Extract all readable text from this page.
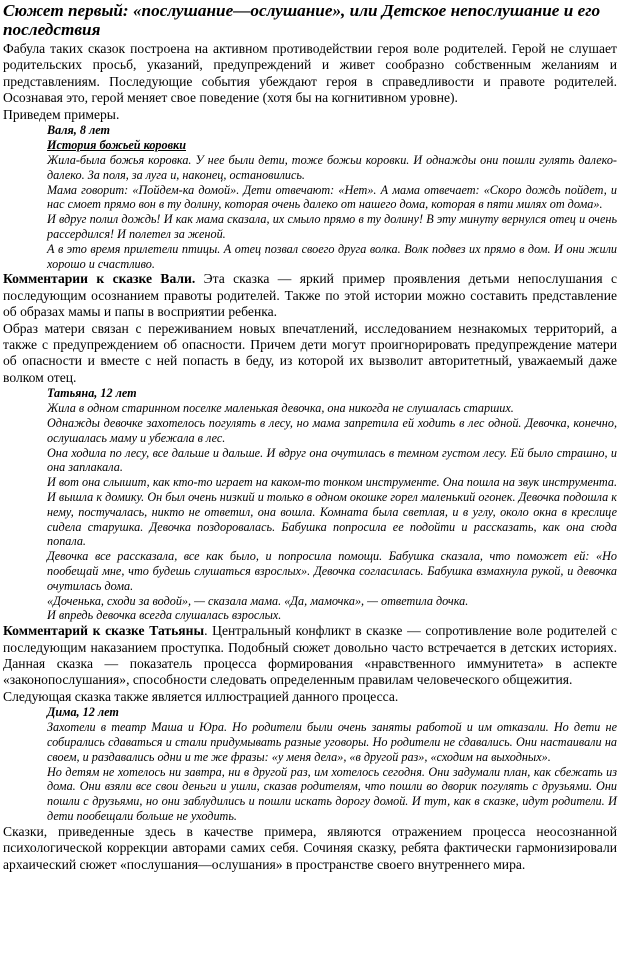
Сюжет первый: «послушание—ослушание», или Детское непослушание и его последствия

Фабула таких сказок построена на активном противодействии героя воле родителей. Герой не слушает родительских просьб, указаний, предупреждений и живет сообразно собственным желаниям и представлениям. Последующие события убеждают героя в справедливости и правоте родителей. Осознавая это, герой меняет свое поведение (хотя бы на когнитивном уровне).

Приведем примеры.

Валя, 8 лет
История божьей коровки

Жила-была божья коровка. У нее были дети, тоже божьи коровки. И однажды они пошли гулять далеко-далеко. За поля, за луга и, наконец, остановились.

Мама говорит: «Пойдем-ка домой». Дети отвечают: «Нет». А мама отвечает: «Скоро дождь пойдет, и нас смоет прямо вон в ту долину, которая очень далеко от нашего дома, которая в пяти милях от дома».

И вдруг полил дождь! И как мама сказала, их смыло прямо в ту долину! В эту минуту вернулся отец и очень рассердился! И полетел за женой.

А в это время прилетели птицы. А отец позвал своего друга волка. Волк подвез их прямо в дом. И они жили хорошо и счастливо.

Комментарии к сказке Вали. Эта сказка — яркий пример проявления детьми непослушания с последующим осознанием правоты родителей. Также по этой истории можно составить представление об образах мамы и папы в восприятии ребенка.

Образ матери связан с переживанием новых впечатлений, исследованием незнакомых территорий, а также с предупреждением об опасности. Причем дети могут проигнорировать предупреждение матери об опасности и вместе с ней попасть в беду, из которой их вызволит авторитетный, уважаемый даже волком отец.

Татьяна, 12 лет

Жила в одном старинном поселке маленькая девочка, она никогда не слушалась старших.

Однажды девочке захотелось погулять в лесу, но мама запретила ей ходить в лес одной. Девочка, конечно, ослушалась маму и убежала в лес.

Она ходила по лесу, все дальше и дальше. И вдруг она очутилась в темном густом лесу. Ей было страшно, и она заплакала.

И вот она слышит, как кто-то играет на каком-то тонком инструменте. Она пошла на звук инструмента. И вышла к домику. Он был очень низкий и только в одном окошке горел маленький огонек. Девочка подошла к нему, постучалась, никто не ответил, она вошла. Комната была светлая, и в углу, около окна в креслице сидела старушка. Девочка поздоровалась. Бабушка попросила ее подойти и рассказать, как она сюда попала.

Девочка все рассказала, все как было, и попросила помощи. Бабушка сказала, что поможет ей: «Но пообещай мне, что будешь слушаться взрослых». Девочка согласилась. Бабушка взмахнула рукой, и девочка очутилась дома.

«Доченька, сходи за водой», — сказала мама. «Да, мамочка», — ответила дочка.

И впредь девочка всегда слушалась взрослых.

Комментарий к сказке Татьяны. Центральный конфликт в сказке — сопротивление воле родителей с последующим наказанием проступка. Подобный сюжет довольно часто встречается в детских историях. Данная сказка — показатель процесса формирования «нравственного иммунитета» в аспекте «законопослушания», способности следовать определенным правилам человеческого общежития.

Следующая сказка также является иллюстрацией данного процесса.

Дима, 12 лет

Захотели в театр Маша и Юра. Но родители были очень заняты работой и им отказали. Но дети не собирались сдаваться и стали придумывать разные уговоры. Но родители не сдавались. Они настаивали на своем, и раздавались одни и те же фразы: «у меня дела», «в другой раз», «сходим на выходных».

Но детям не хотелось ни завтра, ни в другой раз, им хотелось сегодня. Они задумали план, как сбежать из дома. Они взяли все свои деньги и ушли, сказав родителям, что пошли во дворик погулять с друзьями. Они пошли с друзьями, но они заблудились и пошли искать дорогу домой. И тут, как в сказке, идут родители. И дети пообещали больше не уходить.

Сказки, приведенные здесь в качестве примера, являются отражением процесса неосознанной психологической коррекции авторами самих себя. Сочиняя сказку, ребята фактически гармонизировали архаический сюжет «послушания—ослушания» в пространстве своего внутреннего мира.
